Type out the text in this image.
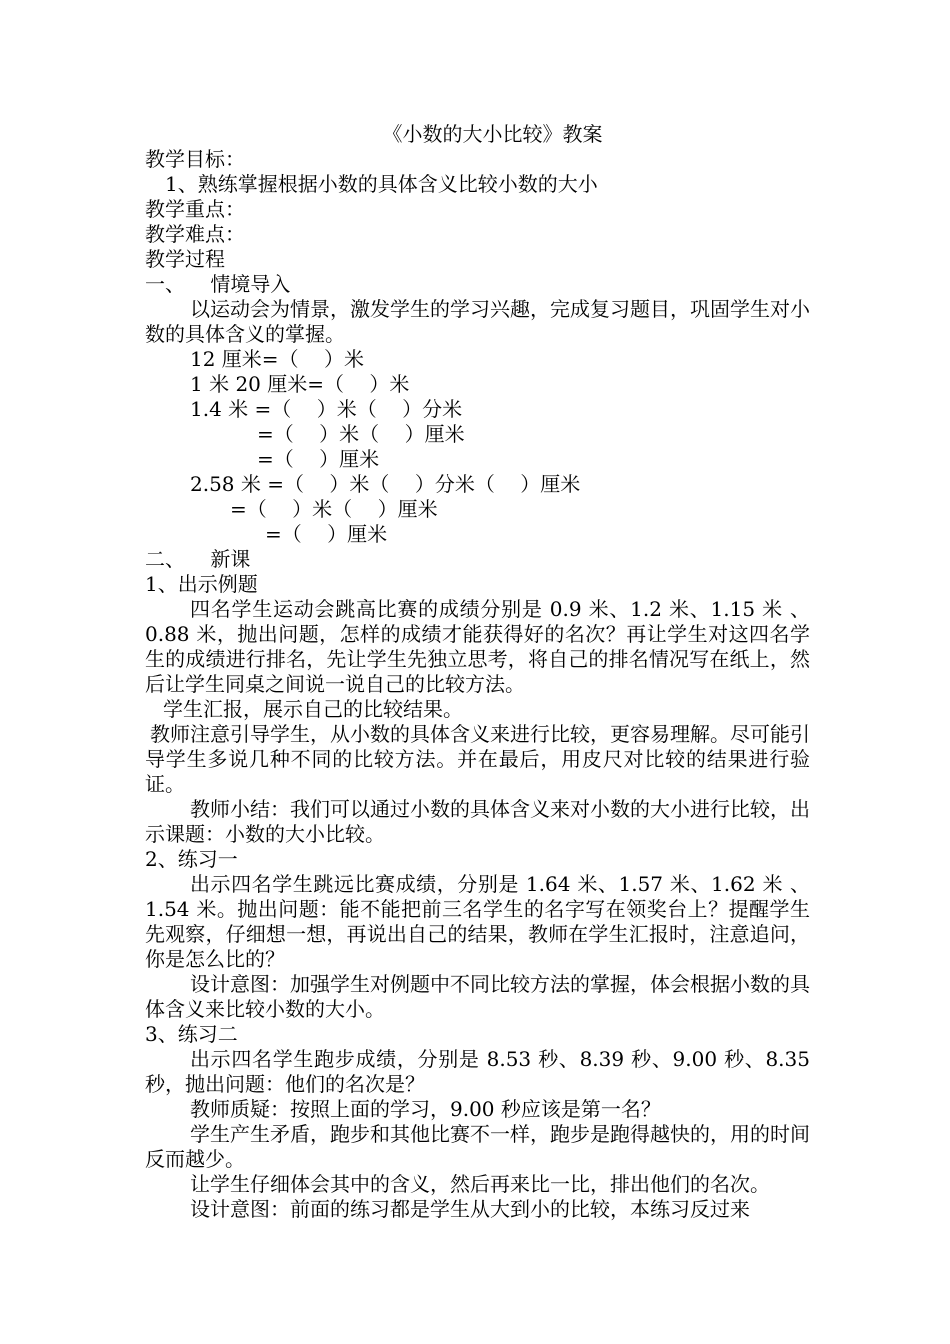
《小数的大小比较》教案
教学目标：
1、熟练掌握根据小数的具体含义比较小数的大小
教学重点：
教学难点：
教学过程
一、    情境导入
以运动会为情景，激发学生的学习兴趣，完成复习题目，巩固学生对小数的具体含义的掌握。
12 厘米=（    ）米
1 米 20 厘米=（    ）米
1.4 米 =（    ）米（    ）分米
=（    ）米（    ）厘米
=（    ）厘米
2.58 米 =（    ）米（    ）分米（    ）厘米
=（    ）米（    ）厘米
=（    ）厘米
二、    新课
1、出示例题
四名学生运动会跳高比赛的成绩分别是 0.9 米、1.2 米、1.15 米 、0.88 米，抛出问题，怎样的成绩才能获得好的名次？再让学生对这四名学生的成绩进行排名，先让学生先独立思考，将自己的排名情况写在纸上，然后让学生同桌之间说一说自己的比较方法。
学生汇报，展示自己的比较结果。
教师注意引导学生，从小数的具体含义来进行比较，更容易理解。尽可能引导学生多说几种不同的比较方法。并在最后，用皮尺对比较的结果进行验证。
教师小结：我们可以通过小数的具体含义来对小数的大小进行比较，出示课题：小数的大小比较。
2、练习一
出示四名学生跳远比赛成绩，分别是 1.64 米、1.57 米、1.62 米 、1.54 米。抛出问题：能不能把前三名学生的名字写在领奖台上？提醒学生先观察，仔细想一想，再说出自己的结果，教师在学生汇报时，注意追问，你是怎么比的？
设计意图：加强学生对例题中不同比较方法的掌握，体会根据小数的具体含义来比较小数的大小。
3、练习二
出示四名学生跑步成绩，分别是 8.53 秒、8.39 秒、9.00 秒、8.35 秒，抛出问题：他们的名次是？
教师质疑：按照上面的学习，9.00 秒应该是第一名？
学生产生矛盾，跑步和其他比赛不一样，跑步是跑得越快的，用的时间反而越少。
让学生仔细体会其中的含义，然后再来比一比，排出他们的名次。
设计意图：前面的练习都是学生从大到小的比较，本练习反过来
